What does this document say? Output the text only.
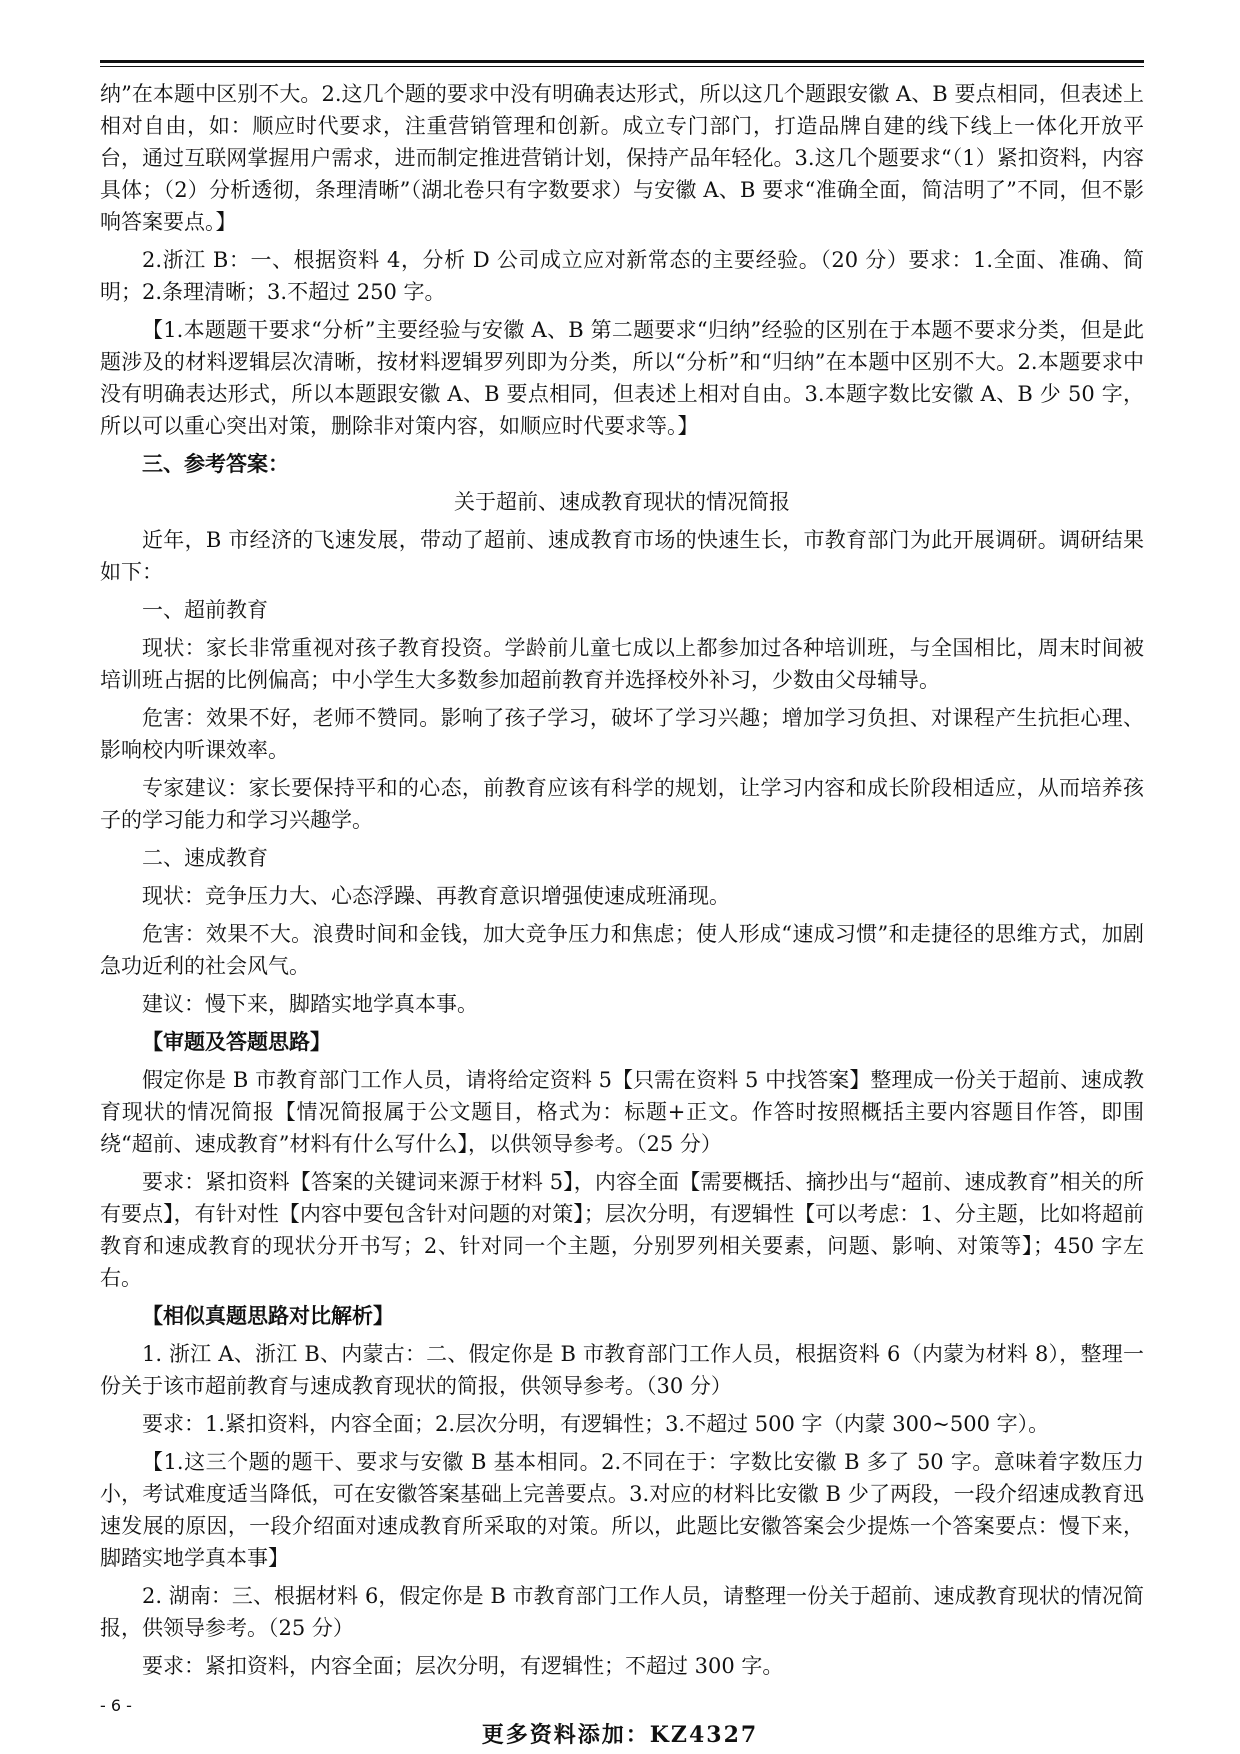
纳”在本题中区别不大。2.这几个题的要求中没有明确表达形式，所以这几个题跟安徽 A、B 要点相同，但表述上相对自由，如：顺应时代要求，注重营销管理和创新。成立专门部门，打造品牌自建的线下线上一体化开放平台，通过互联网掌握用户需求，进而制定推进营销计划，保持产品年轻化。3.这几个题要求“（1）紧扣资料，内容具体；（2）分析透彻，条理清晰”（湖北卷只有字数要求）与安徽 A、B 要求“准确全面，简洁明了”不同，但不影响答案要点。】

2.浙江 B：一、根据资料 4，分析 D 公司成立应对新常态的主要经验。（20 分）要求：1.全面、准确、简明；2.条理清晰；3.不超过 250 字。

【1.本题题干要求“分析”主要经验与安徽 A、B 第二题要求“归纳”经验的区别在于本题不要求分类，但是此题涉及的材料逻辑层次清晰，按材料逻辑罗列即为分类，所以“分析”和“归纳”在本题中区别不大。2.本题要求中没有明确表达形式，所以本题跟安徽 A、B 要点相同，但表述上相对自由。3.本题字数比安徽 A、B 少 50 字，所以可以重心突出对策，删除非对策内容，如顺应时代要求等。】

三、参考答案：

关于超前、速成教育现状的情况简报

近年，B 市经济的飞速发展，带动了超前、速成教育市场的快速生长，市教育部门为此开展调研。调研结果如下：

一、超前教育

现状：家长非常重视对孩子教育投资。学龄前儿童七成以上都参加过各种培训班，与全国相比，周末时间被培训班占据的比例偏高；中小学生大多数参加超前教育并选择校外补习，少数由父母辅导。

危害：效果不好，老师不赞同。影响了孩子学习，破坏了学习兴趣；增加学习负担、对课程产生抗拒心理、影响校内听课效率。

专家建议：家长要保持平和的心态，前教育应该有科学的规划，让学习内容和成长阶段相适应，从而培养孩子的学习能力和学习兴趣学。

二、速成教育

现状：竞争压力大、心态浮躁、再教育意识增强使速成班涌现。

危害：效果不大。浪费时间和金钱，加大竞争压力和焦虑；使人形成“速成习惯”和走捷径的思维方式，加剧急功近利的社会风气。

建议：慢下来，脚踏实地学真本事。

【审题及答题思路】

假定你是 B 市教育部门工作人员，请将给定资料 5【只需在资料 5 中找答案】整理成一份关于超前、速成教育现状的情况简报【情况简报属于公文题目，格式为：标题+正文。作答时按照概括主要内容题目作答，即围绕“超前、速成教育”材料有什么写什么】，以供领导参考。（25 分）

要求：紧扣资料【答案的关键词来源于材料 5】，内容全面【需要概括、摘抄出与“超前、速成教育”相关的所有要点】，有针对性【内容中要包含针对问题的对策】；层次分明，有逻辑性【可以考虑：1、分主题，比如将超前教育和速成教育的现状分开书写；2、针对同一个主题，分别罗列相关要素，问题、影响、对策等】；450 字左右。

【相似真题思路对比解析】

1. 浙江 A、浙江 B、内蒙古：二、假定你是 B 市教育部门工作人员，根据资料 6（内蒙为材料 8），整理一份关于该市超前教育与速成教育现状的简报，供领导参考。（30 分）

要求：1.紧扣资料，内容全面；2.层次分明，有逻辑性；3.不超过 500 字（内蒙 300~500 字）。

【1.这三个题的题干、要求与安徽 B 基本相同。2.不同在于：字数比安徽 B 多了 50 字。意味着字数压力小，考试难度适当降低，可在安徽答案基础上完善要点。3.对应的材料比安徽 B 少了两段，一段介绍速成教育迅速发展的原因，一段介绍面对速成教育所采取的对策。所以，此题比安徽答案会少提炼一个答案要点：慢下来，脚踏实地学真本事】

2. 湖南：三、根据材料 6，假定你是 B 市教育部门工作人员，请整理一份关于超前、速成教育现状的情况简报，供领导参考。（25 分）

要求：紧扣资料，内容全面；层次分明，有逻辑性；不超过 300 字。

- 6 -
更多资料添加：KZ4327
